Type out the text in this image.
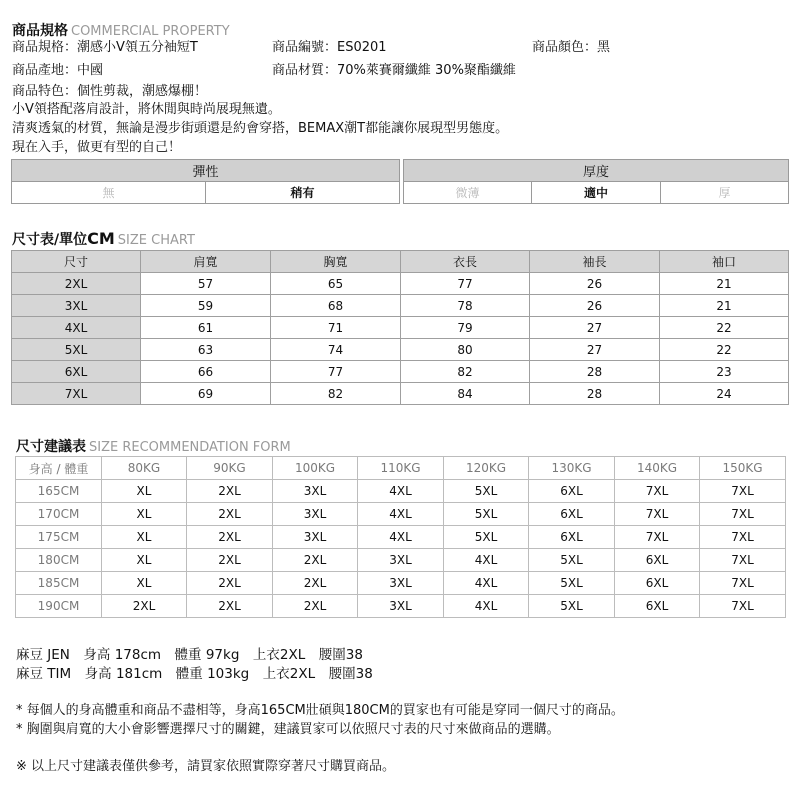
商品規格 COMMERCIAL PROPERTY
商品規格：潮感小V領五分袖短T	商品編號：ES0201	商品顏色：黑
商品產地：中國	商品材質：70%萊賽爾纖維 30%聚酯纖維
商品特色：個性剪裁，潮感爆棚！
小V領搭配落肩設計，將休閒與時尚展現無遺。
清爽透氣的材質，無論是漫步街頭還是約會穿搭，BEMAX潮T都能讓你展現型男態度。
現在入手，做更有型的自己！
彈性			厚度		
無	稍有		微薄	適中	厚
尺寸表/單位CM SIZE CHART
尺寸	肩寬	胸寬	衣長	袖長	袖口
2XL	57	65	77	26	21
3XL	59	68	78	26	21
4XL	61	71	79	27	22
5XL	63	74	80	27	22
6XL	66	77	82	28	23
7XL	69	82	84	28	24
尺寸建議表 SIZE RECOMMENDATION FORM
身高 / 體重	80KG	90KG	100KG	110KG	120KG	130KG	140KG	150KG
165CM	XL	2XL	3XL	4XL	5XL	6XL	7XL	7XL
170CM	XL	2XL	3XL	4XL	5XL	6XL	7XL	7XL
175CM	XL	2XL	3XL	4XL	5XL	6XL	7XL	7XL
180CM	XL	2XL	2XL	3XL	4XL	5XL	6XL	7XL
185CM	XL	2XL	2XL	3XL	4XL	5XL	6XL	7XL
190CM	2XL	2XL	2XL	3XL	4XL	5XL	6XL	7XL
麻豆 JEN　身高 178cm　體重 97kg　上衣2XL　腰圍38
麻豆 TIM　身高 181cm　體重 103kg　上衣2XL　腰圍38
* 每個人的身高體重和商品不盡相等，身高165CM壯碩與180CM的買家也有可能是穿同一個尺寸的商品。
* 胸圍與肩寬的大小會影響選擇尺寸的關鍵，建議買家可以依照尺寸表的尺寸來做商品的選購。
※ 以上尺寸建議表僅供參考，請買家依照實際穿著尺寸購買商品。
